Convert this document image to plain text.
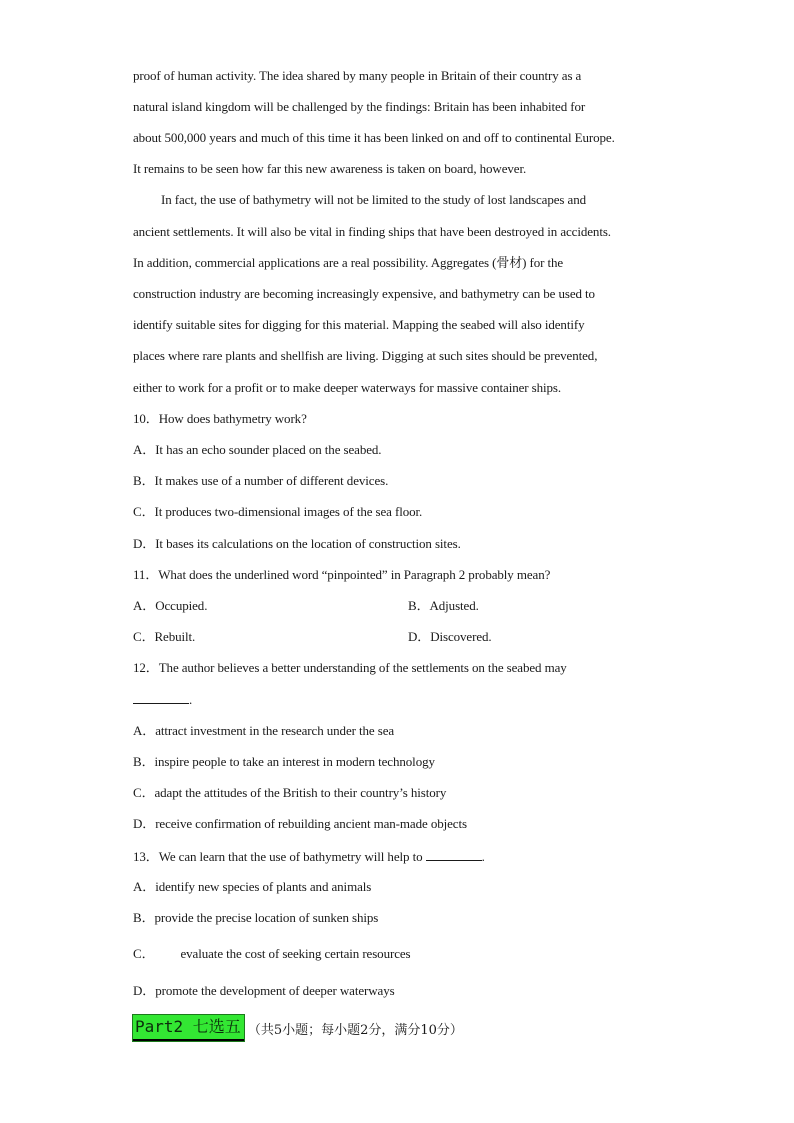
proof of human activity. The idea shared by many people in Britain of their country as a
natural island kingdom will be challenged by the findings: Britain has been inhabited for
about 500,000 years and much of this time it has been linked on and off to continental Europe.
It remains to be seen how far this new awareness is taken on board, however.
In fact, the use of bathymetry will not be limited to the study of lost landscapes and
ancient settlements. It will also be vital in finding ships that have been destroyed in accidents.
In addition, commercial applications are a real possibility. Aggregates (骨材) for the
construction industry are becoming increasingly expensive, and bathymetry can be used to
identify suitable sites for digging for this material. Mapping the seabed will also identify
places where rare plants and shellfish are living. Digging at such sites should be prevented,
either to work for a profit or to make deeper waterways for massive container ships.
10．How does bathymetry work?
A．It has an echo sounder placed on the seabed.
B．It makes use of a number of different devices.
C．It produces two-dimensional images of the sea floor.
D．It bases its calculations on the location of construction sites.
11．What does the underlined word “pinpointed” in Paragraph 2 probably mean?
A．Occupied.	B．Adjusted.
C．Rebuilt.	D．Discovered.
12．The author believes a better understanding of the settlements on the seabed may
.
A．attract investment in the research under the sea
B．inspire people to take an interest in modern technology
C．adapt the attitudes of the British to their country’s history
D．receive confirmation of rebuilding ancient man-made objects
13．We can learn that the use of bathymetry will help to	.
A．identify new species of plants and animals
B．provide the precise location of sunken ships
C． evaluate the cost of seeking certain resources
D．promote the development of deeper waterways
Part2 七选五 （共5小题；每小题2分，满分10分）
